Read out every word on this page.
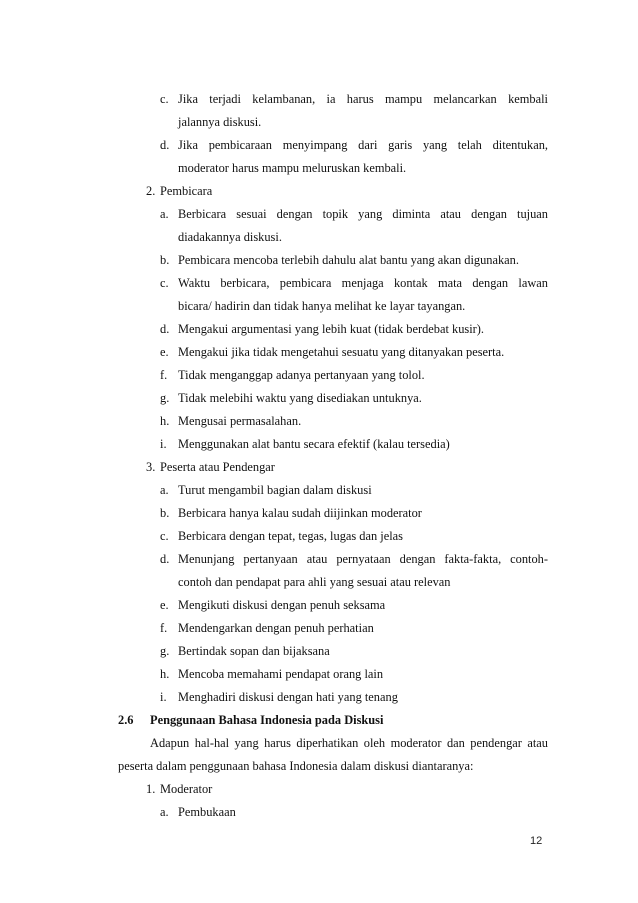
c. Jika terjadi kelambanan, ia harus mampu melancarkan kembali
jalannya diskusi.
d. Jika pembicaraan menyimpang dari garis yang telah ditentukan,
moderator harus mampu meluruskan kembali.
2. Pembicara
a. Berbicara sesuai dengan topik yang diminta atau dengan tujuan
diadakannya diskusi.
b. Pembicara mencoba terlebih dahulu alat bantu yang akan digunakan.
c. Waktu berbicara, pembicara menjaga kontak mata dengan lawan
bicara/ hadirin dan tidak hanya melihat ke layar tayangan.
d. Mengakui argumentasi yang lebih kuat (tidak berdebat kusir).
e. Mengakui jika tidak mengetahui sesuatu yang ditanyakan peserta.
f. Tidak menganggap adanya pertanyaan yang tolol.
g. Tidak melebihi waktu yang disediakan untuknya.
h. Mengusai permasalahan.
i. Menggunakan alat bantu secara efektif (kalau tersedia)
3. Peserta atau Pendengar
a. Turut mengambil bagian dalam diskusi
b. Berbicara hanya kalau sudah diijinkan moderator
c. Berbicara dengan tepat, tegas, lugas dan jelas
d. Menunjang pertanyaan atau pernyataan dengan fakta-fakta, contoh-
contoh dan pendapat para ahli yang sesuai atau relevan
e. Mengikuti diskusi dengan penuh seksama
f. Mendengarkan dengan penuh perhatian
g. Bertindak sopan dan bijaksana
h. Mencoba memahami pendapat orang lain
i. Menghadiri diskusi dengan hati yang tenang
2.6 Penggunaan Bahasa Indonesia pada Diskusi
Adapun hal-hal yang harus diperhatikan oleh moderator dan pendengar atau
peserta dalam penggunaan bahasa Indonesia dalam diskusi diantaranya:
1. Moderator
a. Pembukaan
12
